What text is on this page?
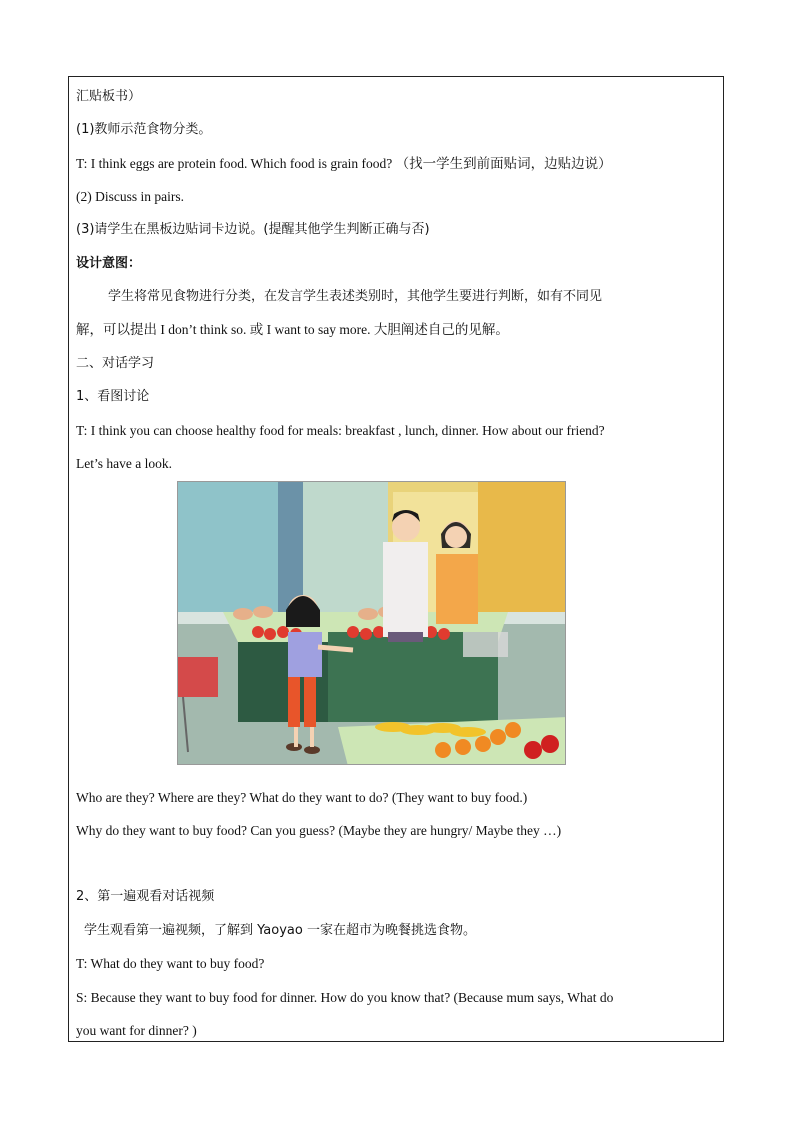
汇贴板书）
(1)教师示范食物分类。
T: I think eggs are protein food. Which food is grain food? （找一学生到前面贴词，边贴边说）
(2) Discuss in pairs.
(3)请学生在黑板边贴词卡边说。(提醒其他学生判断正确与否)
设计意图：
学生将常见食物进行分类，在发言学生表述类别时，其他学生要进行判断，如有不同见
解，可以提出 I don’t think so. 或 I want to say more. 大胆阐述自己的见解。
二、对话学习
1、看图讨论
T: I think you can choose healthy food for meals: breakfast , lunch, dinner. How about our friend?
Let’s have a look.
Who are they? Where are they? What do they want to do? (They want to buy food.)
Why do they want to buy food? Can you guess? (Maybe they are hungry/ Maybe they …)
2、第一遍观看对话视频
学生观看第一遍视频，了解到 Yaoyao 一家在超市为晚餐挑选食物。
T: What do they want to buy food?
S: Because they want to buy food for dinner. How do you know that? (Because mum says, What do
you want for dinner? )
